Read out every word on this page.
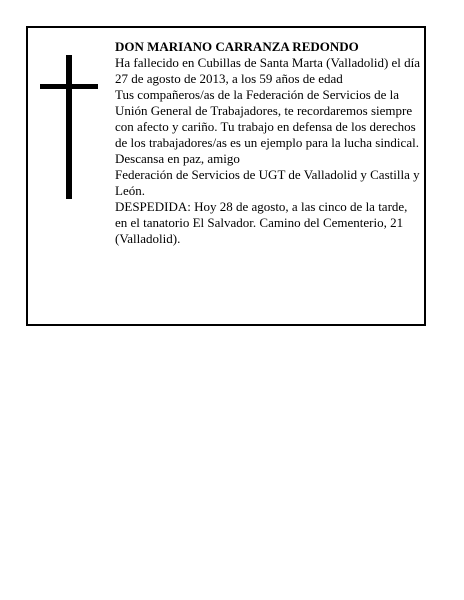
DON MARIANO CARRANZA REDONDO

Ha fallecido en Cubillas de Santa Marta (Valladolid) el día 27 de agosto de 2013, a los 59 años de edad

Tus compañeros/as de la Federación de Servicios de la Unión General de Trabajadores, te recordaremos siempre con afecto y cariño. Tu trabajo en defensa de los derechos de los trabajadores/as es un ejemplo para la lucha sindical.

Descansa en paz, amigo

Federación de Servicios de UGT de Valladolid y Castilla y León.

DESPEDIDA: Hoy 28 de agosto, a las cinco de la tarde, en el tanatorio El Salvador. Camino del Cementerio, 21 (Valladolid).
